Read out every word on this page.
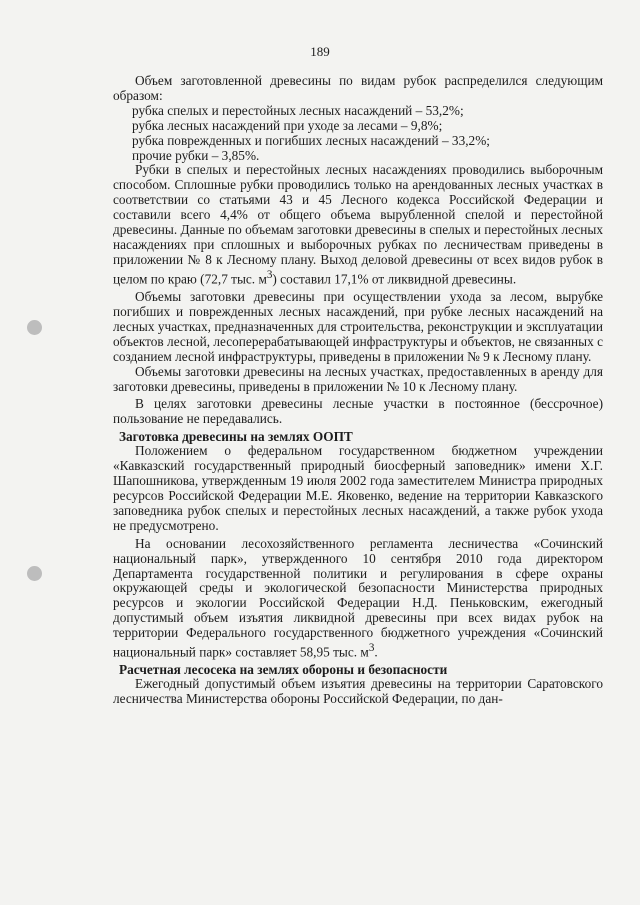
189

Объем заготовленной древесины по видам рубок распределился следующим образом:

рубка спелых и перестойных лесных насаждений – 53,2%;

рубка лесных насаждений при уходе за лесами – 9,8%;

рубка поврежденных и погибших лесных насаждений – 33,2%;

прочие рубки – 3,85%.

Рубки в спелых и перестойных лесных насаждениях проводились выборочным способом. Сплошные рубки проводились только на арендованных лесных участках в соответствии со статьями 43 и 45 Лесного кодекса Российской Федерации и составили всего 4,4% от общего объема вырубленной спелой и перестойной древесины. Данные по объемам заготовки древесины в спелых и перестойных лесных насаждениях при сплошных и выборочных рубках по лесничествам приведены в приложении № 8 к Лесному плану. Выход деловой древесины от всех видов рубок в целом по краю (72,7 тыс. $м^3$) составил 17,1% от ликвидной древесины.

Объемы заготовки древесины при осуществлении ухода за лесом, вырубке погибших и поврежденных лесных насаждений, при рубке лесных насаждений на лесных участках, предназначенных для строительства, реконструкции и эксплуатации объектов лесной, лесоперерабатывающей инфраструктуры и объектов, не связанных с созданием лесной инфраструктуры, приведены в приложении № 9 к Лесному плану.

Объемы заготовки древесины на лесных участках, предоставленных в аренду для заготовки древесины, приведены в приложении № 10 к Лесному плану.

В целях заготовки древесины лесные участки в постоянное (бессрочное) пользование не передавались.

Заготовка древесины на землях ООПТ

Положением о федеральном государственном бюджетном учреждении «Кавказский государственный природный биосферный заповедник» имени Х.Г. Шапошникова, утвержденным 19 июля 2002 года заместителем Министра природных ресурсов Российской Федерации М.Е. Яковенко, ведение на территории Кавказского заповедника рубок спелых и перестойных лесных насаждений, а также рубок ухода не предусмотрено.

На основании лесохозяйственного регламента лесничества «Сочинский национальный парк», утвержденного 10 сентября 2010 года директором Департамента государственной политики и регулирования в сфере охраны окружающей среды и экологической безопасности Министерства природных ресурсов и экологии Российской Федерации Н.Д. Пеньковским, ежегодный допустимый объем изъятия ликвидной древесины при всех видах рубок на территории Федерального государственного бюджетного учреждения «Сочинский национальный парк» составляет 58,95 тыс. $м^3$.

Расчетная лесосека на землях обороны и безопасности

Ежегодный допустимый объем изъятия древесины на территории Саратовского лесничества Министерства обороны Российской Федерации, по дан-
